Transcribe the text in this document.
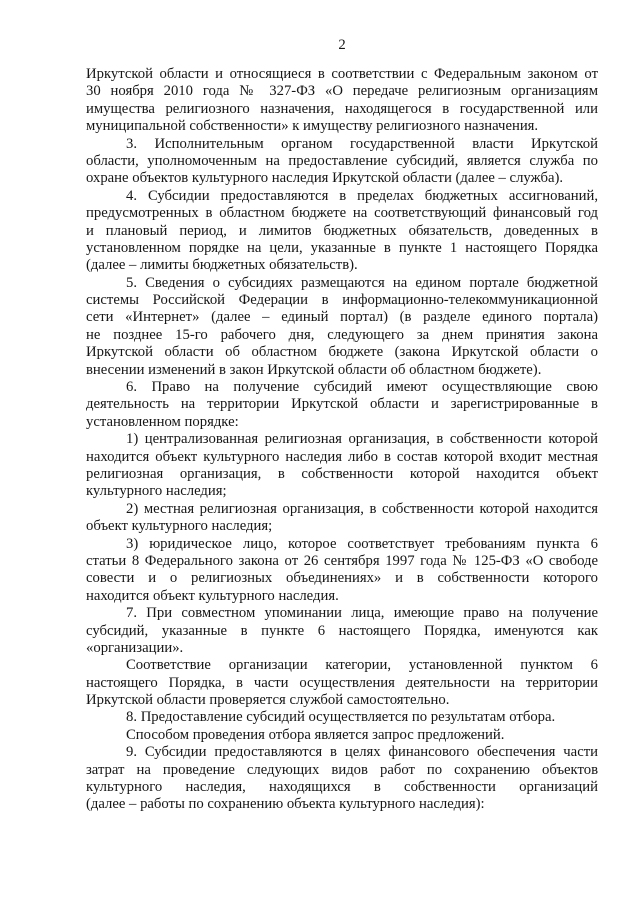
2
Иркутской области и относящиеся в соответствии с Федеральным законом от
30 ноября 2010 года № 327-ФЗ «О передаче религиозным организациям
имущества религиозного назначения, находящегося в государственной или
муниципальной собственности» к имуществу религиозного назначения.
3. Исполнительным органом государственной власти Иркутской
области, уполномоченным на предоставление субсидий, является служба по
охране объектов культурного наследия Иркутской области (далее – служба).
4. Субсидии предоставляются в пределах бюджетных ассигнований,
предусмотренных в областном бюджете на соответствующий финансовый год
и плановый период, и лимитов бюджетных обязательств, доведенных в
установленном порядке на цели, указанные в пункте 1 настоящего Порядка
(далее – лимиты бюджетных обязательств).
5. Сведения о субсидиях размещаются на едином портале бюджетной
системы Российской Федерации в информационно-телекоммуникационной
сети «Интернет» (далее – единый портал) (в разделе единого портала)
не позднее 15-го рабочего дня, следующего за днем принятия закона
Иркутской области об областном бюджете (закона Иркутской области о
внесении изменений в закон Иркутской области об областном бюджете).
6. Право на получение субсидий имеют осуществляющие свою
деятельность на территории Иркутской области и зарегистрированные в
установленном порядке:
1) централизованная религиозная организация, в собственности которой
находится объект культурного наследия либо в состав которой входит местная
религиозная организация, в собственности которой находится объект
культурного наследия;
2) местная религиозная организация, в собственности которой находится
объект культурного наследия;
3) юридическое лицо, которое соответствует требованиям пункта 6
статьи 8 Федерального закона от 26 сентября 1997 года № 125-ФЗ «О свободе
совести и о религиозных объединениях» и в собственности которого
находится объект культурного наследия.
7. При совместном упоминании лица, имеющие право на получение
субсидий, указанные в пункте 6 настоящего Порядка, именуются как
«организации».
Соответствие организации категории, установленной пунктом 6
настоящего Порядка, в части осуществления деятельности на территории
Иркутской области проверяется службой самостоятельно.
8. Предоставление субсидий осуществляется по результатам отбора.
Способом проведения отбора является запрос предложений.
9. Субсидии предоставляются в целях финансового обеспечения части
затрат на проведение следующих видов работ по сохранению объектов
культурного наследия, находящихся в собственности организаций
(далее – работы по сохранению объекта культурного наследия):
